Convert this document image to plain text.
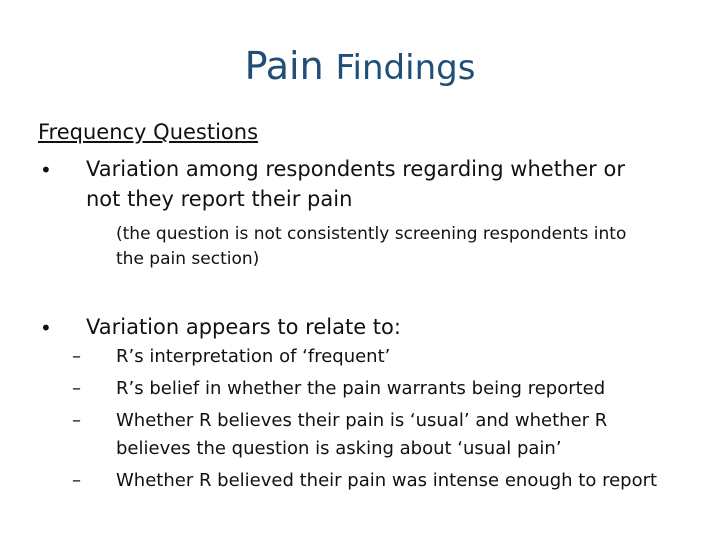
Pain Findings
Frequency Questions
• Variation among respondents regarding whether or
not they report their pain
(the question is not consistently screening respondents into
the pain section)
• Variation appears to relate to:
– R’s interpretation of ‘frequent’
– R’s belief in whether the pain warrants being reported
– Whether R believes their pain is ‘usual’ and whether R
believes the question is asking about ‘usual pain’
– Whether R believed their pain was intense enough to report
